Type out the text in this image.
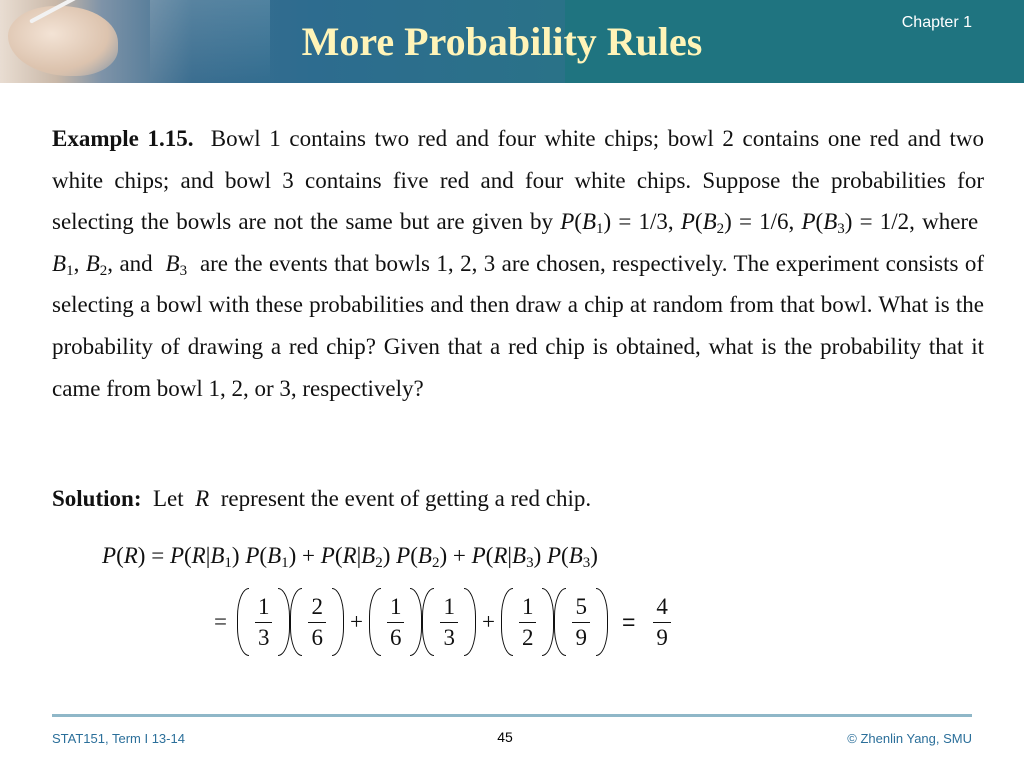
More Probability Rules	Chapter 1
Example 1.15. Bowl 1 contains two red and four white chips; bowl 2 contains one red and two white chips; and bowl 3 contains five red and four white chips. Suppose the probabilities for selecting the bowls are not the same but are given by $P(B_1) = 1/3$, $P(B_2) = 1/6$, $P(B_3) = 1/2$, where  $B_1$, $B_2$, and $B_3$ are the events that bowls 1, 2, 3 are chosen, respectively. The experiment consists of selecting a bowl with these probabilities and then draw a chip at random from that bowl. What is the probability of drawing a red chip? Given that a red chip is obtained, what is the probability that it came from bowl 1, 2, or 3, respectively?
Solution: Let R represent the event of getting a red chip.
$P(R) = P(R|B_1) P(B_1) + P(R|B_2) P(B_2) + P(R|B_3)$ $P(B_3)$
= $\frac{1}{3} \frac{2}{6} + \frac{1}{6} \frac{1}{3} + \frac{1}{2} \frac{5}{9} = \frac{4}{9}$
STAT151, Term I 13-14	45	© Zhenlin Yang, SMU
